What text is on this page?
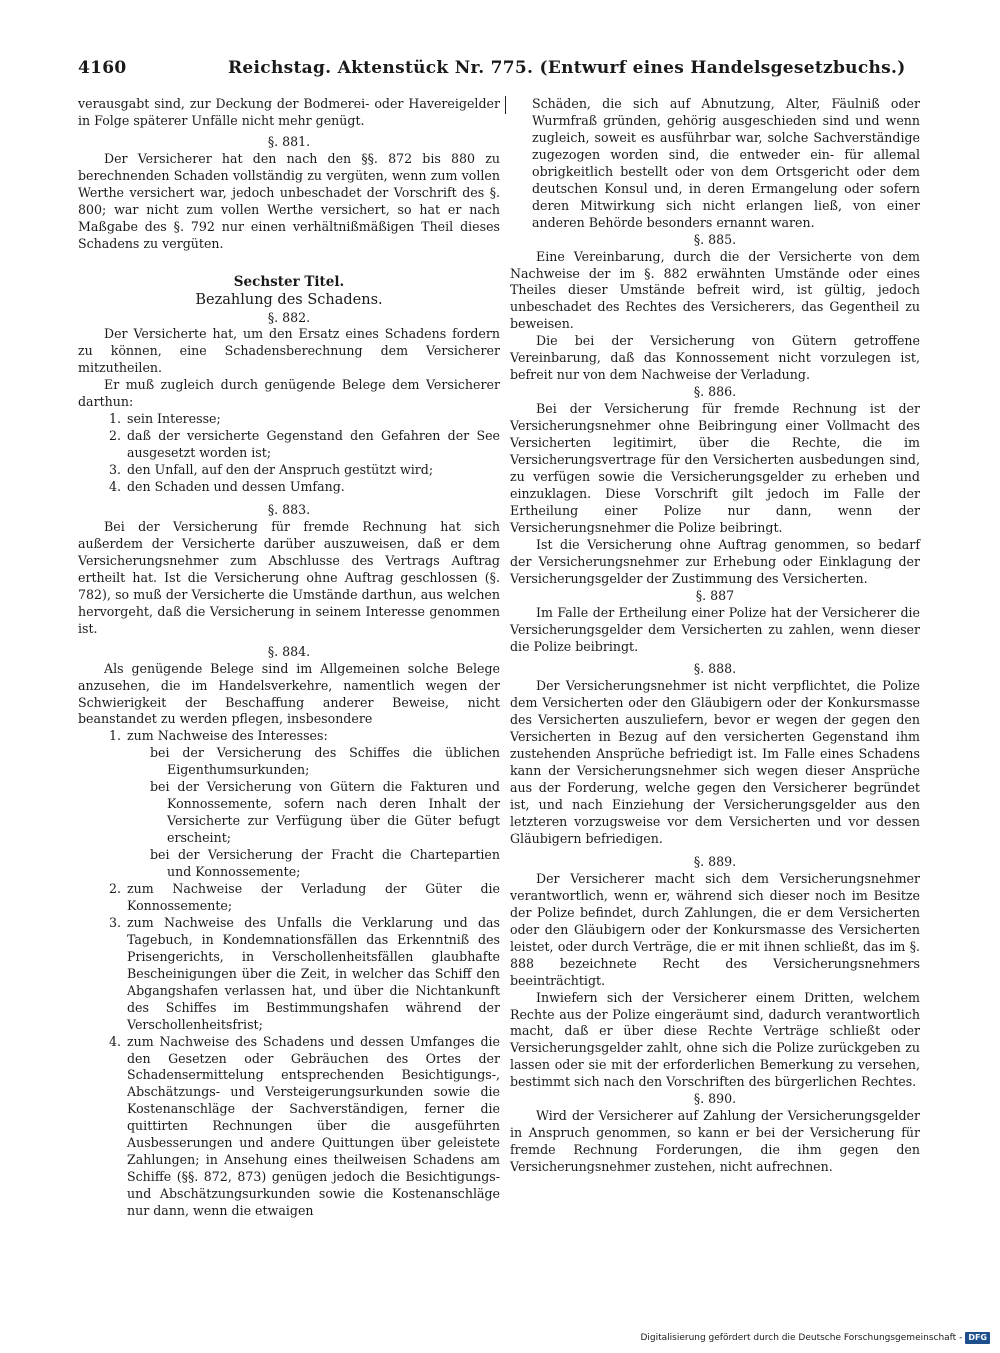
4160	Reichstag. Aktenstück Nr. 775. (Entwurf eines Handelsgesetzbuchs.)

verausgabt sind, zur Deckung der Bodmerei- oder Havereigelder in Folge späterer Unfälle nicht mehr genügt.

§. 881.

Der Versicherer hat den nach den §§. 872 bis 880 zu berechnenden Schaden vollständig zu vergüten, wenn zum vollen Werthe versichert war, jedoch unbeschadet der Vorschrift des §. 800; war nicht zum vollen Werthe versichert, so hat er nach Maßgabe des §. 792 nur einen verhältnißmäßigen Theil dieses Schadens zu vergüten.

Sechster Titel.

Bezahlung des Schadens.

§. 882.

Der Versicherte hat, um den Ersatz eines Schadens fordern zu können, eine Schadensberechnung dem Versicherer mitzutheilen.

Er muß zugleich durch genügende Belege dem Versicherer darthun:

1. sein Interesse;
2. daß der versicherte Gegenstand den Gefahren der See ausgesetzt worden ist;
3. den Unfall, auf den der Anspruch gestützt wird;
4. den Schaden und dessen Umfang.

§. 883.

Bei der Versicherung für fremde Rechnung hat sich außerdem der Versicherte darüber auszuweisen, daß er dem Versicherungsnehmer zum Abschlusse des Vertrags Auftrag ertheilt hat. Ist die Versicherung ohne Auftrag geschlossen (§. 782), so muß der Versicherte die Umstände darthun, aus welchen hervorgeht, daß die Versicherung in seinem Interesse genommen ist.

§. 884.

Als genügende Belege sind im Allgemeinen solche Belege anzusehen, die im Handelsverkehre, namentlich wegen der Schwierigkeit der Beschaffung anderer Beweise, nicht beanstandet zu werden pflegen, insbesondere

1. zum Nachweise des Interesses:

bei der Versicherung des Schiffes die üblichen Eigenthumsurkunden;

bei der Versicherung von Gütern die Fakturen und Konnossemente, sofern nach deren Inhalt der Versicherte zur Verfügung über die Güter befugt erscheint;

bei der Versicherung der Fracht die Chartepartien und Konnossemente;

2. zum Nachweise der Verladung der Güter die Konnossemente;
3. zum Nachweise des Unfalls die Verklarung und das Tagebuch, in Kondemnationsfällen das Erkenntniß des Prisengerichts, in Verschollenheitsfällen glaubhafte Bescheinigungen über die Zeit, in welcher das Schiff den Abgangshafen verlassen hat, und über die Nichtankunft des Schiffes im Bestimmungshafen während der Verschollenheitsfrist;
4. zum Nachweise des Schadens und dessen Umfanges die den Gesetzen oder Gebräuchen des Ortes der Schadensermittelung entsprechenden Besichtigungs-, Abschätzungs- und Versteigerungsurkunden sowie die Kostenanschläge der Sachverständigen, ferner die quittirten Rechnungen über die ausgeführten Ausbesserungen und andere Quittungen über geleistete Zahlungen; in Ansehung eines theilweisen Schadens am Schiffe (§§. 872, 873) genügen jedoch die Besichtigungs- und Abschätzungsurkunden sowie die Kostenanschläge nur dann, wenn die etwaigen

Schäden, die sich auf Abnutzung, Alter, Fäulniß oder Wurmfraß gründen, gehörig ausgeschieden sind und wenn zugleich, soweit es ausführbar war, solche Sachverständige zugezogen worden sind, die entweder ein- für allemal obrigkeitlich bestellt oder von dem Ortsgericht oder dem deutschen Konsul und, in deren Ermangelung oder sofern deren Mitwirkung sich nicht erlangen ließ, von einer anderen Behörde besonders ernannt waren.

§. 885.

Eine Vereinbarung, durch die der Versicherte von dem Nachweise der im §. 882 erwähnten Umstände oder eines Theiles dieser Umstände befreit wird, ist gültig, jedoch unbeschadet des Rechtes des Versicherers, das Gegentheil zu beweisen.

Die bei der Versicherung von Gütern getroffene Vereinbarung, daß das Konnossement nicht vorzulegen ist, befreit nur von dem Nachweise der Verladung.

§. 886.

Bei der Versicherung für fremde Rechnung ist der Versicherungsnehmer ohne Beibringung einer Vollmacht des Versicherten legitimirt, über die Rechte, die im Versicherungsvertrage für den Versicherten ausbedungen sind, zu verfügen sowie die Versicherungsgelder zu erheben und einzuklagen. Diese Vorschrift gilt jedoch im Falle der Ertheilung einer Polize nur dann, wenn der Versicherungsnehmer die Polize beibringt.

Ist die Versicherung ohne Auftrag genommen, so bedarf der Versicherungsnehmer zur Erhebung oder Einklagung der Versicherungsgelder der Zustimmung des Versicherten.

§. 887

Im Falle der Ertheilung einer Polize hat der Versicherer die Versicherungsgelder dem Versicherten zu zahlen, wenn dieser die Polize beibringt.

§. 888.

Der Versicherungsnehmer ist nicht verpflichtet, die Polize dem Versicherten oder den Gläubigern oder der Konkursmasse des Versicherten auszuliefern, bevor er wegen der gegen den Versicherten in Bezug auf den versicherten Gegenstand ihm zustehenden Ansprüche befriedigt ist. Im Falle eines Schadens kann der Versicherungsnehmer sich wegen dieser Ansprüche aus der Forderung, welche gegen den Versicherer begründet ist, und nach Einziehung der Versicherungsgelder aus den letzteren vorzugsweise vor dem Versicherten und vor dessen Gläubigern befriedigen.

§. 889.

Der Versicherer macht sich dem Versicherungsnehmer verantwortlich, wenn er, während sich dieser noch im Besitze der Polize befindet, durch Zahlungen, die er dem Versicherten oder den Gläubigern oder der Konkursmasse des Versicherten leistet, oder durch Verträge, die er mit ihnen schließt, das im §. 888 bezeichnete Recht des Versicherungsnehmers beeinträchtigt.

Inwiefern sich der Versicherer einem Dritten, welchem Rechte aus der Polize eingeräumt sind, dadurch verantwortlich macht, daß er über diese Rechte Verträge schließt oder Versicherungsgelder zahlt, ohne sich die Polize zurückgeben zu lassen oder sie mit der erforderlichen Bemerkung zu versehen, bestimmt sich nach den Vorschriften des bürgerlichen Rechtes.

§. 890.

Wird der Versicherer auf Zahlung der Versicherungsgelder in Anspruch genommen, so kann er bei der Versicherung für fremde Rechnung Forderungen, die ihm gegen den Versicherungsnehmer zustehen, nicht aufrechnen.

Digitalisierung gefördert durch die Deutsche Forschungsgemeinschaft - DFG
